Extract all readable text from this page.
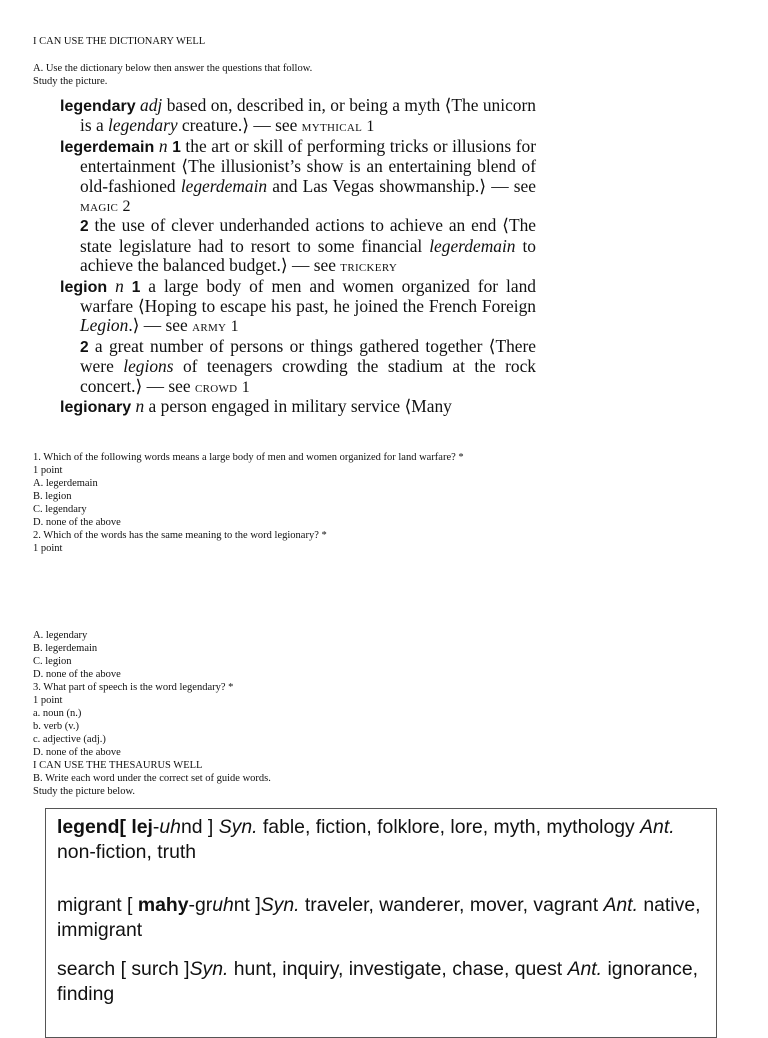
I CAN USE THE DICTIONARY WELL
A. Use the dictionary below then answer the questions that follow.
Study the picture.

legendary adj based on, described in, or being a myth ⟨The unicorn is a legendary creature.⟩ — see mythical 1

legerdemain n 1 the art or skill of performing tricks or illusions for entertainment ⟨The illusionist’s show is an entertaining blend of old-fashioned legerdemain and Las Vegas showmanship.⟩ — see magic 2

2 the use of clever underhanded actions to achieve an end ⟨The state legislature had to resort to some financial legerdemain to achieve the balanced budget.⟩ — see trickery

legion n 1 a large body of men and women organized for land warfare ⟨Hoping to escape his past, he joined the French Foreign Legion.⟩ — see army 1

2 a great number of persons or things gathered together ⟨There were legions of teenagers crowding the stadium at the rock concert.⟩ — see crowd 1

legionary n a person engaged in military service ⟨Many

1. Which of the following words means a large body of men and women organized for land warfare? *
1 point
A. legerdemain
B. legion
C. legendary
D. none of the above
2. Which of the words has the same meaning to the word legionary? *
1 point
A. legendary
B. legerdemain
C. legion
D. none of the above
3. What part of speech is the word legendary? *
1 point
a. noun (n.)
b. verb (v.)
c. adjective (adj.)
D. none of the above
I CAN USE THE THESAURUS WELL
B. Write each word under the correct set of guide words.
Study the picture below.

legend[ lej-uhnd ] Syn. fable, fiction, folklore, lore, myth, mythology Ant. non-fiction, truth

migrant [ mahy-gruhnt ]Syn. traveler, wanderer, mover, vagrant Ant. native, immigrant

search [ surch ]Syn. hunt, inquiry, investigate, chase, quest Ant. ignorance, finding
